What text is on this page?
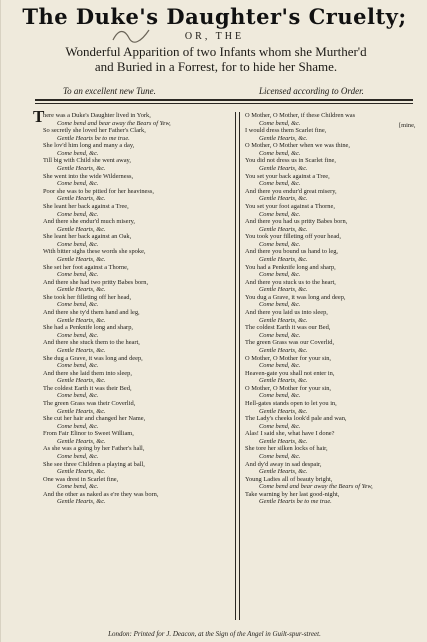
The Duke's Daughter's Cruelty;
OR, THE
Wonderful Apparition of two Infants whom she Murther'd
and Buried in a Forrest, for to hide her Shame.
To an excellent new Tune.	Licensed according to Order.
T
here was a Duke's Daughter lived in York,
Come bend and bear away the Bears of Yew,
So secretly she loved her Father's Clark,
Gentle Hearts be to me true.
She lov'd him long and many a day,
Come bend, &c.
Till big with Child she went away,
Gentle Hearts, &c.
She went into the wide Wilderness,
Come bend, &c.
Poor she was to be pitied for her heaviness,
Gentle Hearts, &c.
She leant her back against a Tree,
Come bend, &c.
And there she endur'd much misery,
Gentle Hearts, &c.
She leant her back against an Oak,
Come bend, &c.
With bitter sighs these words she spoke,
Gentle Hearts, &c.
She set her foot against a Thorne,
Come bend, &c.
And there she had two pritty Babes born,
Gentle Hearts, &c.
She took her filleting off her head,
Come bend, &c.
And there she ty'd them hand and leg,
Gentle Hearts, &c.
She had a Penknife long and sharp,
Come bend, &c.
And there she stuck them to the heart,
Gentle Hearts, &c.
She dug a Grave, it was long and deep,
Come bend, &c.
And there she laid them into sleep,
Gentle Hearts, &c.
The coldest Earth it was their Bed,
Come bend, &c.
The green Grass was their Coverlid,
Gentle Hearts, &c.
She cut her hair and changed her Name,
Come bend, &c.
From Fair Elinor to Sweet William,
Gentle Hearts, &c.
As she was a going by her Father's hall,
Come bend, &c.
She see three Children a playing at ball,
Gentle Hearts, &c.
One was drest in Scarlet fine,
Come bend, &c.
And the other as naked as e're they was born,
Gentle Hearts, &c.
O Mother, O Mother, if these Children was
Come bend, &c.
I would dress them Scarlet fine,
Gentle Hearts, &c.
O Mother, O Mother when we was thine,
Come bend, &c.
You did not dress us in Scarlet fine,
Gentle Hearts, &c.
You set your back against a Tree,
Come bend, &c.
And there you endur'd great misery,
Gentle Hearts, &c.
You set your foot against a Thorne,
Come bend, &c.
And there you had us pritty Babes born,
Gentle Hearts, &c.
You took your filleting off your head,
Come bend, &c.
And there you bound us hand to leg,
Gentle Hearts, &c.
You had a Penknife long and sharp,
Come bend, &c.
And there you stuck us to the heart,
Gentle Hearts, &c.
You dug a Grave, it was long and deep,
Come bend, &c.
And there you laid us into sleep,
Gentle Hearts, &c.
The coldest Earth it was our Bed,
Come bend, &c.
The green Grass was our Coverlid,
Gentle Hearts, &c.
O Mother, O Mother for your sin,
Come bend, &c.
Heaven-gate you shall not enter in,
Gentle Hearts, &c.
O Mother, O Mother for your sin,
Come bend, &c.
Hell-gates stands open to let you in,
Gentle Hearts, &c.
The Lady's cheeks look'd pale and wan,
Come bend, &c.
Alas! I said she, what have I done?
Gentle Hearts, &c.
She tore her silken locks of hair,
Come bend, &c.
And dy'd away in sad despair,
Gentle Hearts, &c.
Young Ladies all of beauty bright,
Come bend and bear away the Bears of Yew,
Take warning by her last good-night,
Gentle Hearts be to me true.
[mine,
London: Printed for J. Deacon, at the Sign of the Angel in Guilt-spur-street.
